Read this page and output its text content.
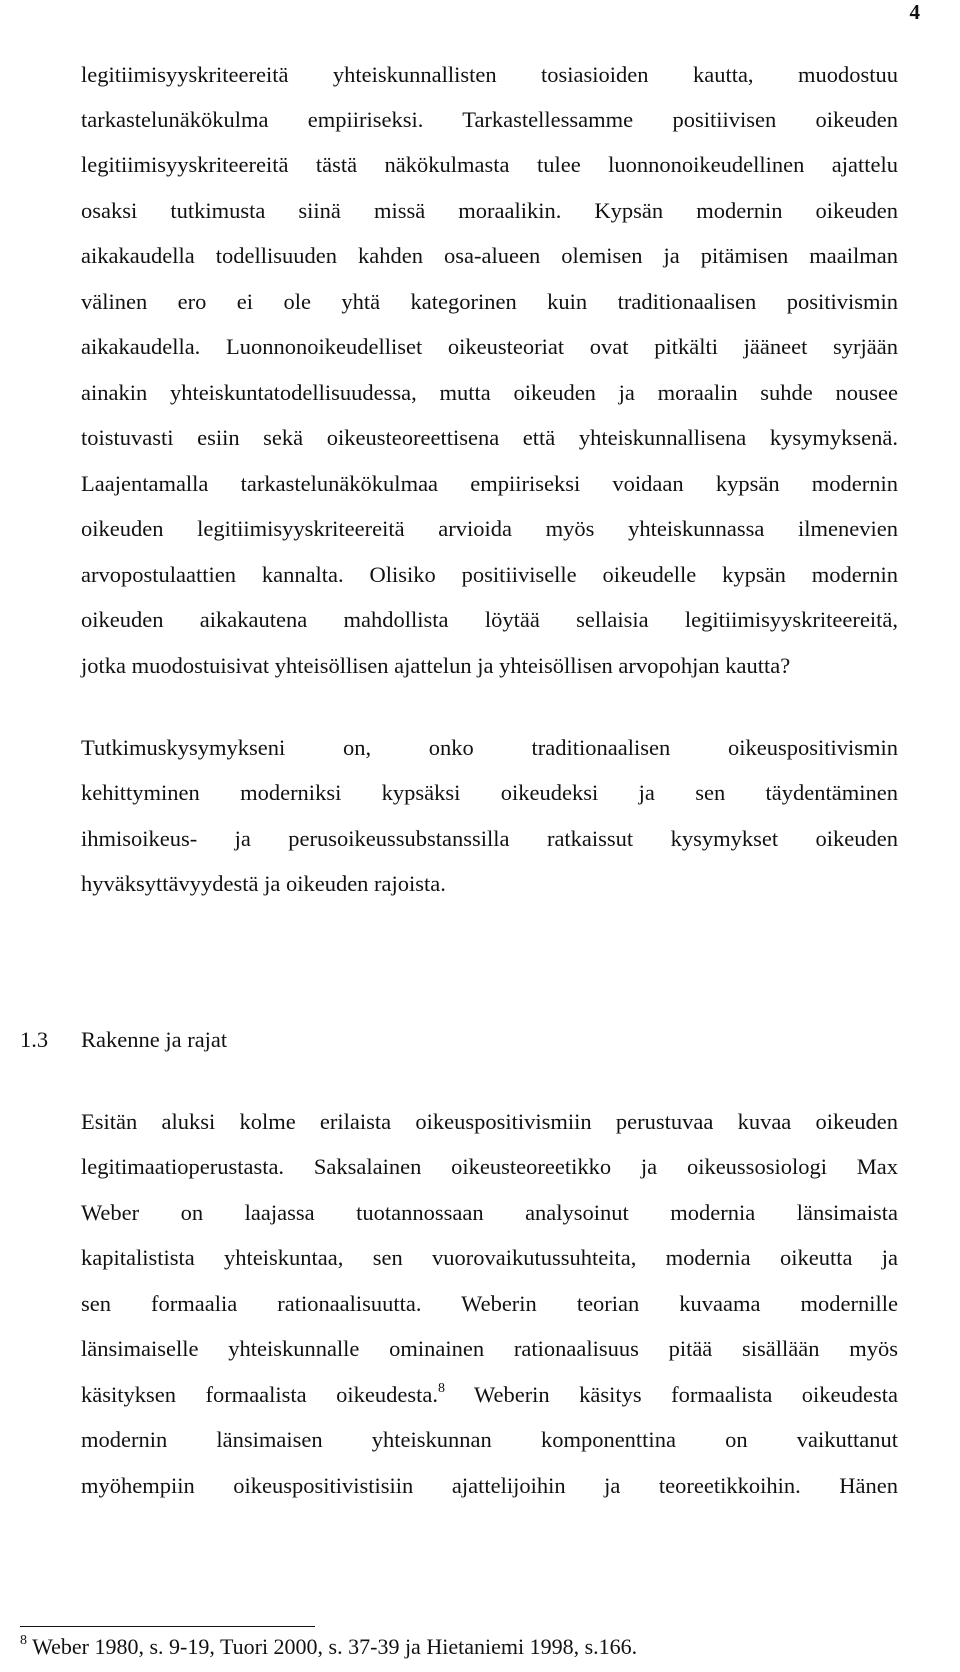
4
legitiimisyyskriteereitä yhteiskunnallisten tosiasioiden kautta, muodostuu
tarkastelunäkökulma empiiriseksi. Tarkastellessamme positiivisen oikeuden
legitiimisyyskriteereitä tästä näkökulmasta tulee luonnonoikeudellinen ajattelu
osaksi tutkimusta siinä missä moraalikin. Kypsän modernin oikeuden
aikakaudella todellisuuden kahden osa-alueen olemisen ja pitämisen maailman
välinen ero ei ole yhtä kategorinen kuin traditionaalisen positivismin
aikakaudella. Luonnonoikeudelliset oikeusteoriat ovat pitkälti jääneet syrjään
ainakin yhteiskuntatodellisuudessa, mutta oikeuden ja moraalin suhde nousee
toistuvasti esiin sekä oikeusteoreettisena että yhteiskunnallisena kysymyksenä.
Laajentamalla tarkastelunäkökulmaa empiiriseksi voidaan kypsän modernin
oikeuden legitiimisyyskriteereitä arvioida myös yhteiskunnassa ilmenevien
arvopostulaattien kannalta. Olisiko positiiviselle oikeudelle kypsän modernin
oikeuden aikakautena mahdollista löytää sellaisia legitiimisyyskriteereitä,
jotka muodostuisivat yhteisöllisen ajattelun ja yhteisöllisen arvopohjan kautta?
Tutkimuskysymykseni on, onko traditionaalisen oikeuspositivismin
kehittyminen moderniksi kypsäksi oikeudeksi ja sen täydentäminen
ihmisoikeus- ja perusoikeussubstanssilla ratkaissut kysymykset oikeuden
hyväksyttävyydestä ja oikeuden rajoista.
1.3 Rakenne ja rajat
Esitän aluksi kolme erilaista oikeuspositivismiin perustuvaa kuvaa oikeuden
legitimaatioperustasta. Saksalainen oikeusteoreetikko ja oikeussosiologi Max
Weber on laajassa tuotannossaan analysoinut modernia länsimaista
kapitalistista yhteiskuntaa, sen vuorovaikutussuhteita, modernia oikeutta ja
sen formaalia rationaalisuutta. Weberin teorian kuvaama modernille
länsimaiselle yhteiskunnalle ominainen rationaalisuus pitää sisällään myös
käsityksen formaalista oikeudesta.$^8$ Weberin käsitys formaalista oikeudesta
modernin länsimaisen yhteiskunnan komponenttina on vaikuttanut
myöhempiin oikeuspositivistisiin ajattelijoihin ja teoreetikkoihin. Hänen
$^8$ Weber 1980, s. 9-19, Tuori 2000, s. 37-39 ja Hietaniemi 1998, s.166.
